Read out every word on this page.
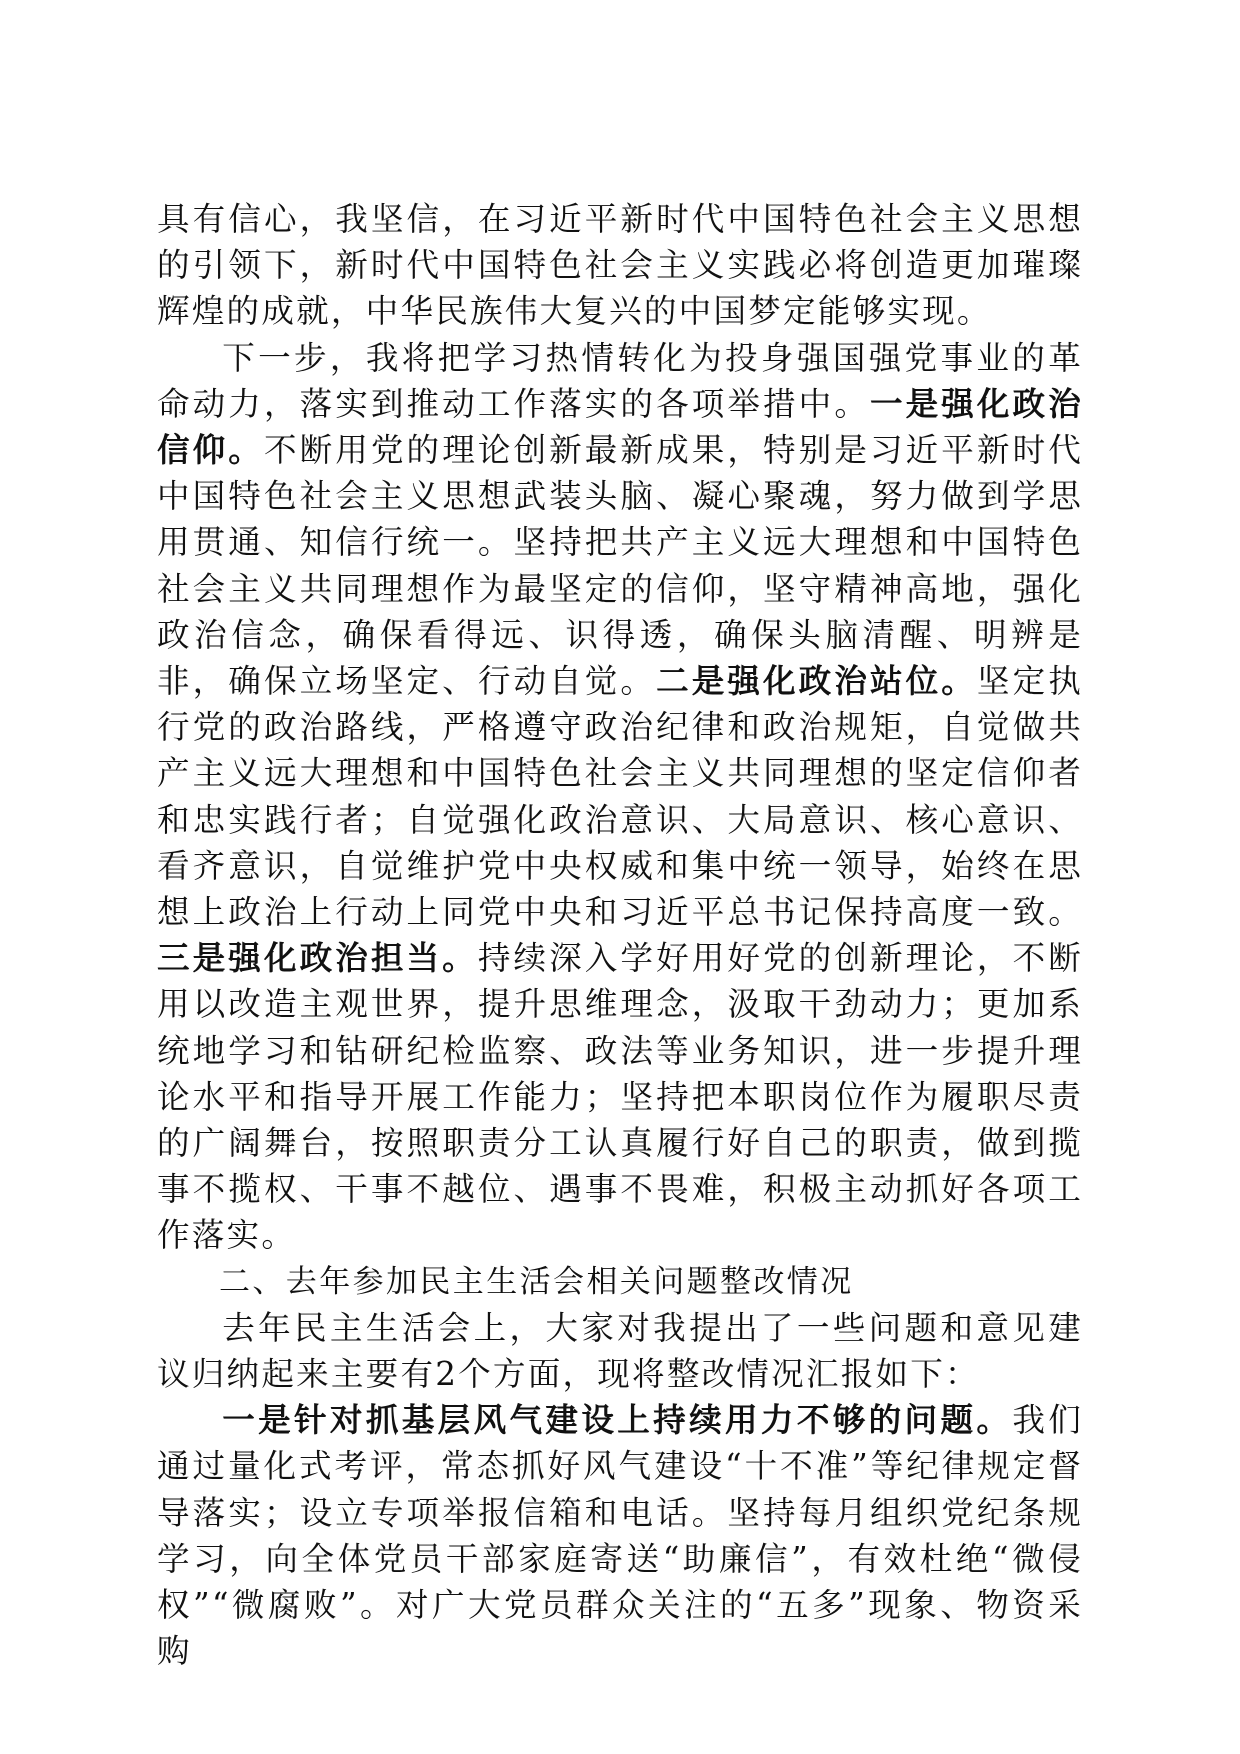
具有信心，我坚信，在习近平新时代中国特色社会主义思想的引领下，新时代中国特色社会主义实践必将创造更加璀璨辉煌的成就，中华民族伟大复兴的中国梦定能够实现。

下一步，我将把学习热情转化为投身强国强党事业的革命动力，落实到推动工作落实的各项举措中。一是强化政治信仰。不断用党的理论创新最新成果，特别是习近平新时代中国特色社会主义思想武装头脑、凝心聚魂，努力做到学思用贯通、知信行统一。坚持把共产主义远大理想和中国特色社会主义共同理想作为最坚定的信仰，坚守精神高地，强化政治信念，确保看得远、识得透，确保头脑清醒、明辨是非，确保立场坚定、行动自觉。二是强化政治站位。坚定执行党的政治路线，严格遵守政治纪律和政治规矩，自觉做共产主义远大理想和中国特色社会主义共同理想的坚定信仰者和忠实践行者；自觉强化政治意识、大局意识、核心意识、看齐意识，自觉维护党中央权威和集中统一领导，始终在思想上政治上行动上同党中央和习近平总书记保持高度一致。三是强化政治担当。持续深入学好用好党的创新理论，不断用以改造主观世界，提升思维理念，汲取干劲动力；更加系统地学习和钻研纪检监察、政法等业务知识，进一步提升理论水平和指导开展工作能力；坚持把本职岗位作为履职尽责的广阔舞台，按照职责分工认真履行好自己的职责，做到揽事不揽权、干事不越位、遇事不畏难，积极主动抓好各项工作落实。

二、去年参加民主生活会相关问题整改情况

去年民主生活会上，大家对我提出了一些问题和意见建议归纳起来主要有2个方面，现将整改情况汇报如下：

一是针对抓基层风气建设上持续用力不够的问题。我们通过量化式考评，常态抓好风气建设“十不准”等纪律规定督导落实；设立专项举报信箱和电话。坚持每月组织党纪条规学习，向全体党员干部家庭寄送“助廉信”，有效杜绝“微侵权”“微腐败”。对广大党员群众关注的“五多”现象、物资采购
